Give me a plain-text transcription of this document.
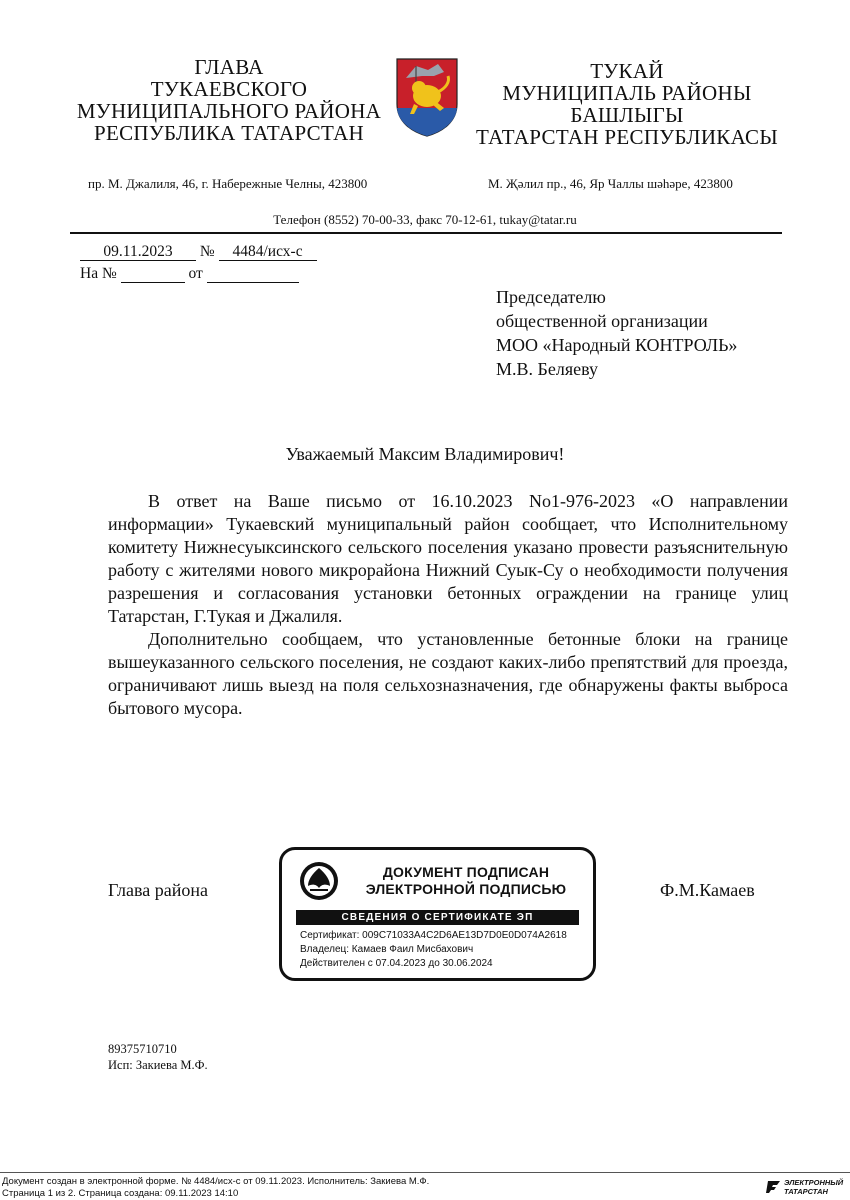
ГЛАВА
ТУКАЕВСКОГО
МУНИЦИПАЛЬНОГО РАЙОНА
РЕСПУБЛИКА ТАТАРСТАН
ТУКАЙ
МУНИЦИПАЛЬ РАЙОНЫ
БАШЛЫГЫ
ТАТАРСТАН РЕСПУБЛИКАСЫ
пр. М. Джалиля, 46, г. Набережные Челны, 423800	М. Җәлил пр., 46, Яр Чаллы шәһәре, 423800
Телефон (8552) 70-00-33, факс 70-12-61, tukay@tatar.ru
09.11.2023 № 4484/исх-с
На №	от
Председателю
общественной организации
МОО «Народный КОНТРОЛЬ»
М.В. Беляеву
Уважаемый Максим Владимирович!
В ответ на Ваше письмо от 16.10.2023 No1-976-2023 «О направлении информации» Тукаевский муниципальный район сообщает, что Исполнительному комитету Нижнесуыксинского сельского поселения указано провести разъяснительную работу с жителями нового микрорайона Нижний Суык-Су о необходимости получения разрешения и согласования установки бетонных ограждении на границе улиц Татарстан, Г.Тукая и Джалиля.
Дополнительно сообщаем, что установленные бетонные блоки на границе вышеуказанного сельского поселения, не создают каких-либо препятствий для проезда, ограничивают лишь выезд на поля сельхозназначения, где обнаружены факты выброса бытового мусора.
Глава района
ДОКУМЕНТ ПОДПИСАН
ЭЛЕКТРОННОЙ ПОДПИСЬЮ
СВЕДЕНИЯ О СЕРТИФИКАТЕ ЭП
Сертификат: 009C71033A4C2D6AE13D7D0E0D074A2618
Владелец: Камаев Фаил Мисбахович
Действителен с 07.04.2023 до 30.06.2024
Ф.М.Камаев
89375710710
Исп: Закиева М.Ф.
Документ создан в электронной форме. № 4484/исх-с от 09.11.2023. Исполнитель: Закиева М.Ф.
Страница 1 из 2. Страница создана: 09.11.2023 14:10
ЭЛЕКТРОННЫЙ
ТАТАРСТАН
